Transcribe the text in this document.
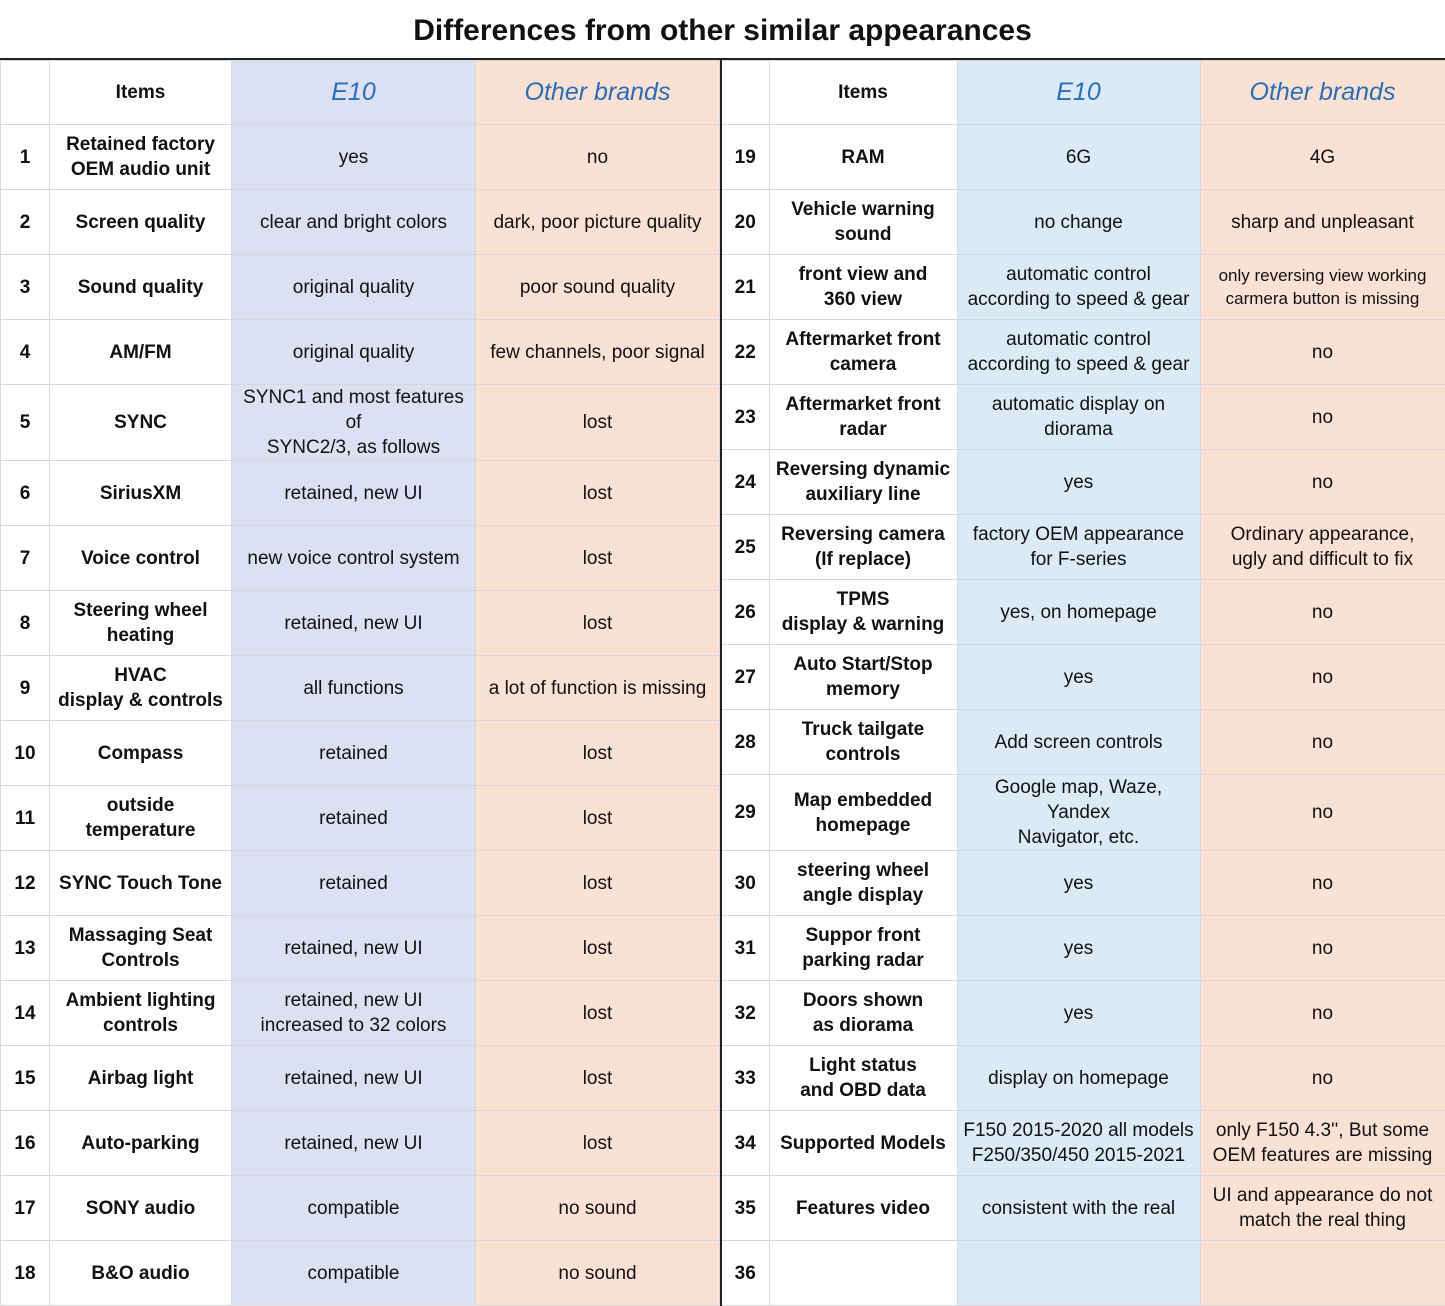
Differences from other similar appearances
	Items	E10	Other brands
1	Retained factory
OEM audio unit	yes	no
2	Screen quality	clear and bright colors	dark, poor picture quality
3	Sound quality	original quality	poor sound quality
4	AM/FM	original quality	few channels, poor signal
5	SYNC	SYNC1 and most features of
SYNC2/3, as follows	lost
6	SiriusXM	retained, new UI	lost
7	Voice control	new voice control system	lost
8	Steering wheel
heating	retained, new UI	lost
9	HVAC
display & controls	all functions	a lot of function is missing
10	Compass	retained	lost
11	outside
temperature	retained	lost
12	SYNC Touch Tone	retained	lost
13	Massaging Seat
Controls	retained, new UI	lost
14	Ambient lighting
controls	retained, new UI
increased to 32 colors	lost
15	Airbag light	retained, new UI	lost
16	Auto-parking	retained, new UI	lost
17	SONY audio	compatible	no sound
18	B&O audio	compatible	no sound
	Items	E10	Other brands
19	RAM	6G	4G
20	Vehicle warning
sound	no change	sharp and unpleasant
21	front view and
360 view	automatic control
according to speed & gear	only reversing view working
carmera button is missing
22	Aftermarket front
camera	automatic control
according to speed & gear	no
23	Aftermarket front
radar	automatic display on
diorama	no
24	Reversing dynamic
auxiliary line	yes	no
25	Reversing camera
(If replace)	factory OEM appearance
for F-series	Ordinary appearance,
ugly and difficult to fix
26	TPMS
display & warning	yes, on homepage	no
27	Auto Start/Stop
memory	yes	no
28	Truck tailgate
controls	Add screen controls	no
29	Map embedded
homepage	Google map, Waze, Yandex
Navigator, etc.	no
30	steering wheel
angle display	yes	no
31	Suppor front
parking radar	yes	no
32	Doors shown
as diorama	yes	no
33	Light status
and OBD data	display on homepage	no
34	Supported Models	F150 2015-2020 all models
F250/350/450 2015-2021	only F150 4.3'', But some
OEM features are missing
35	Features video	consistent with the real	UI and appearance do not
match the real thing
36			
